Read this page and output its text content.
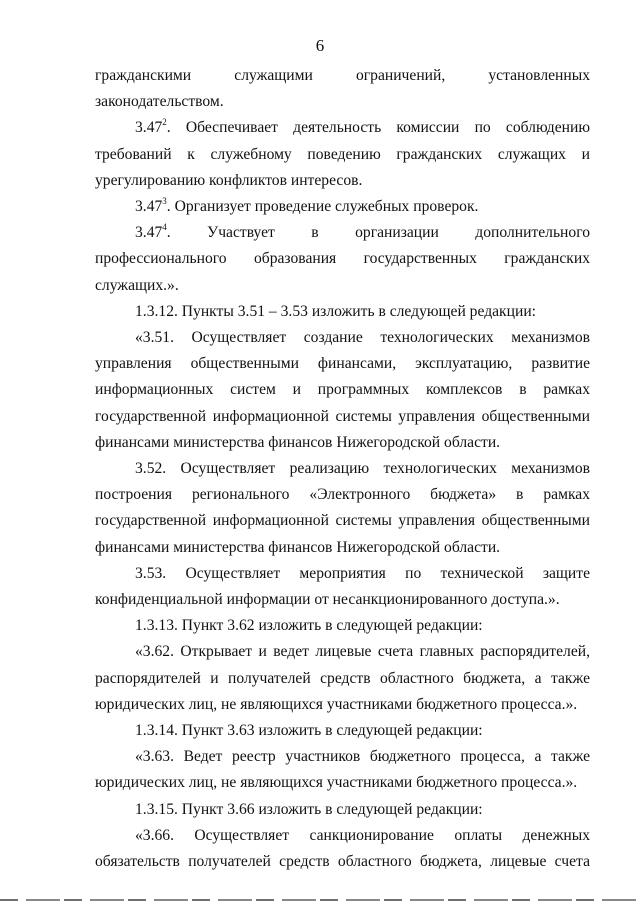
6

гражданскими служащими ограничений, установленных

законодательством.

3.47$^2$. Обеспечивает деятельность комиссии по соблюдению требований к служебному поведению гражданских служащих и урегулированию конфликтов интересов.

3.47$^3$. Организует проведение служебных проверок.

3.47$^4$. Участвует в организации дополнительного профессионального образования государственных гражданских служащих.».

1.3.12. Пункты 3.51 – 3.53 изложить в следующей редакции:

«3.51. Осуществляет создание технологических механизмов управления общественными финансами, эксплуатацию, развитие информационных систем и программных комплексов в рамках государственной информационной системы управления общественными финансами министерства финансов Нижегородской области.

3.52. Осуществляет реализацию технологических механизмов построения регионального «Электронного бюджета» в рамках государственной информационной системы управления общественными финансами министерства финансов Нижегородской области.

3.53. Осуществляет мероприятия по технической защите конфиденциальной информации от несанкционированного доступа.».

1.3.13. Пункт 3.62 изложить в следующей редакции:

«3.62. Открывает и ведет лицевые счета главных распорядителей, распорядителей и получателей средств областного бюджета, а также юридических лиц, не являющихся участниками бюджетного процесса.».

1.3.14. Пункт 3.63 изложить в следующей редакции:

«3.63. Ведет реестр участников бюджетного процесса, а также юридических лиц, не являющихся участниками бюджетного процесса.».

1.3.15. Пункт 3.66 изложить в следующей редакции:

«3.66. Осуществляет санкционирование оплаты денежных обязательств получателей средств областного бюджета, лицевые счета
